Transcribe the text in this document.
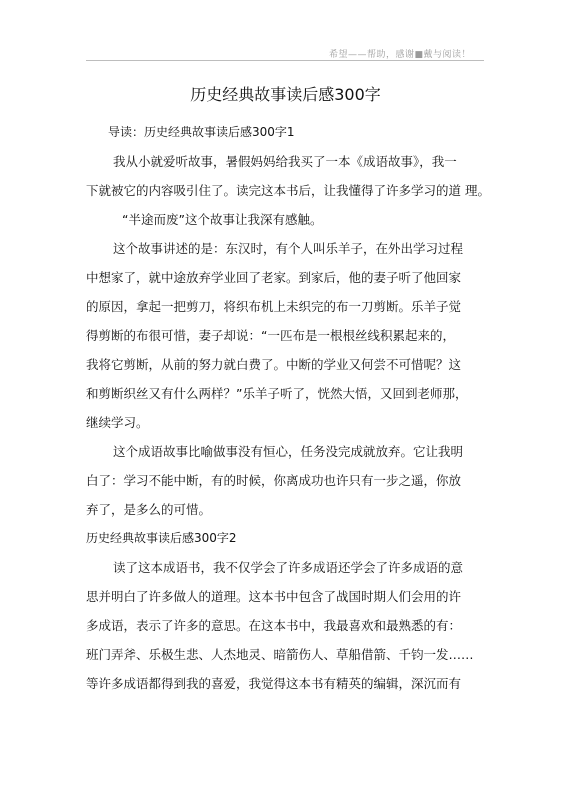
希望——帮助，感谢■戴与阅读！
历史经典故事读后感300字
导读：历史经典故事读后感300字1
我从小就爱听故事，暑假妈妈给我买了一本《成语故事》，我一
下就被它的内容吸引住了。读完这本书后，让我懂得了许多学习的道 理。
“半途而废”这个故事让我深有感触。
这个故事讲述的是：东汉时，有个人叫乐羊子，在外出学习过程
中想家了，就中途放弃学业回了老家。到家后，他的妻子听了他回家
的原因，拿起一把剪刀，将织布机上未织完的布一刀剪断。乐羊子觉
得剪断的布很可惜，妻子却说：“一匹布是一根根丝线积累起来的，
我将它剪断，从前的努力就白费了。中断的学业又何尝不可惜呢？这
和剪断织丝又有什么两样？”乐羊子听了，恍然大悟，又回到老师那，
继续学习。
这个成语故事比喻做事没有恒心，任务没完成就放弃。它让我明
白了：学习不能中断，有的时候，你离成功也许只有一步之遥，你放
弃了，是多么的可惜。
历史经典故事读后感300字2
读了这本成语书，我不仅学会了许多成语还学会了许多成语的意
思并明白了许多做人的道理。这本书中包含了战国时期人们会用的许
多成语，表示了许多的意思。在这本书中，我最喜欢和最熟悉的有：
班门弄斧、乐极生悲、人杰地灵、暗箭伤人、草船借箭、千钧一发……
等许多成语都得到我的喜爱，我觉得这本书有精英的编辑，深沉而有
